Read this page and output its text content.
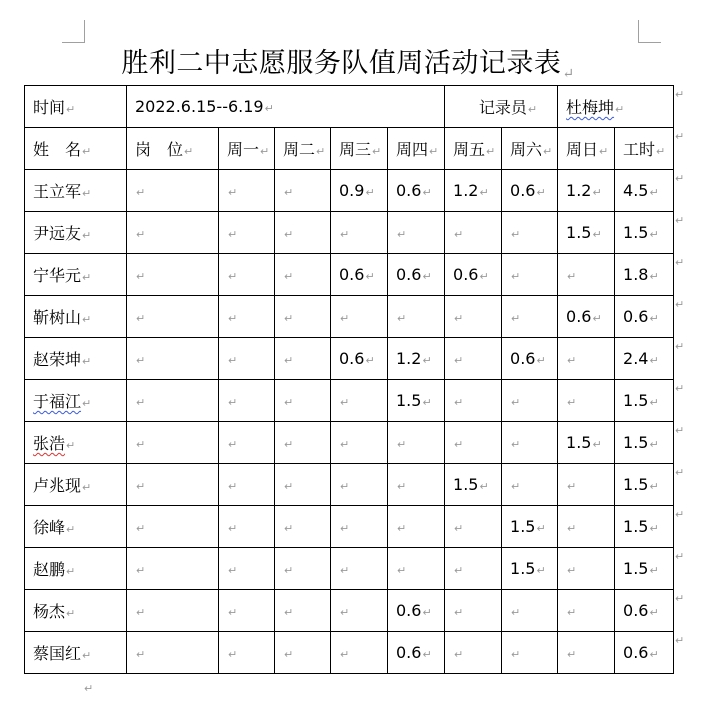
胜利二中志愿服务队值周活动记录表↵
时间↵	2022.6.15--6.19↵					记录员↵		杜梅坤↵	
姓　名↵	岗　位↵	周一↵	周二↵	周三↵	周四↵	周五↵	周六↵	周日↵	工时↵
王立军↵	↵	↵	↵	0.9↵	0.6↵	1.2↵	0.6↵	1.2↵	4.5↵
尹远友↵	↵	↵	↵	↵	↵	↵	↵	1.5↵	1.5↵
宁华元↵	↵	↵	↵	0.6↵	0.6↵	0.6↵	↵	↵	1.8↵
靳树山↵	↵	↵	↵	↵	↵	↵	↵	0.6↵	0.6↵
赵荣坤↵	↵	↵	↵	0.6↵	1.2↵	↵	0.6↵	↵	2.4↵
于福江↵	↵	↵	↵	↵	1.5↵	↵	↵	↵	1.5↵
张浩↵	↵	↵	↵	↵	↵	↵	↵	1.5↵	1.5↵
卢兆现↵	↵	↵	↵	↵	↵	1.5↵	↵	↵	1.5↵
徐峰↵	↵	↵	↵	↵	↵	↵	1.5↵	↵	1.5↵
赵鹏↵	↵	↵	↵	↵	↵	↵	1.5↵	↵	1.5↵
杨杰↵	↵	↵	↵	↵	0.6↵	↵	↵	↵	0.6↵
蔡国红↵	↵	↵	↵	↵	0.6↵	↵	↵	↵	0.6↵
↵
↵
↵
↵
↵
↵
↵
↵
↵
↵
↵
↵
↵
↵
↵
